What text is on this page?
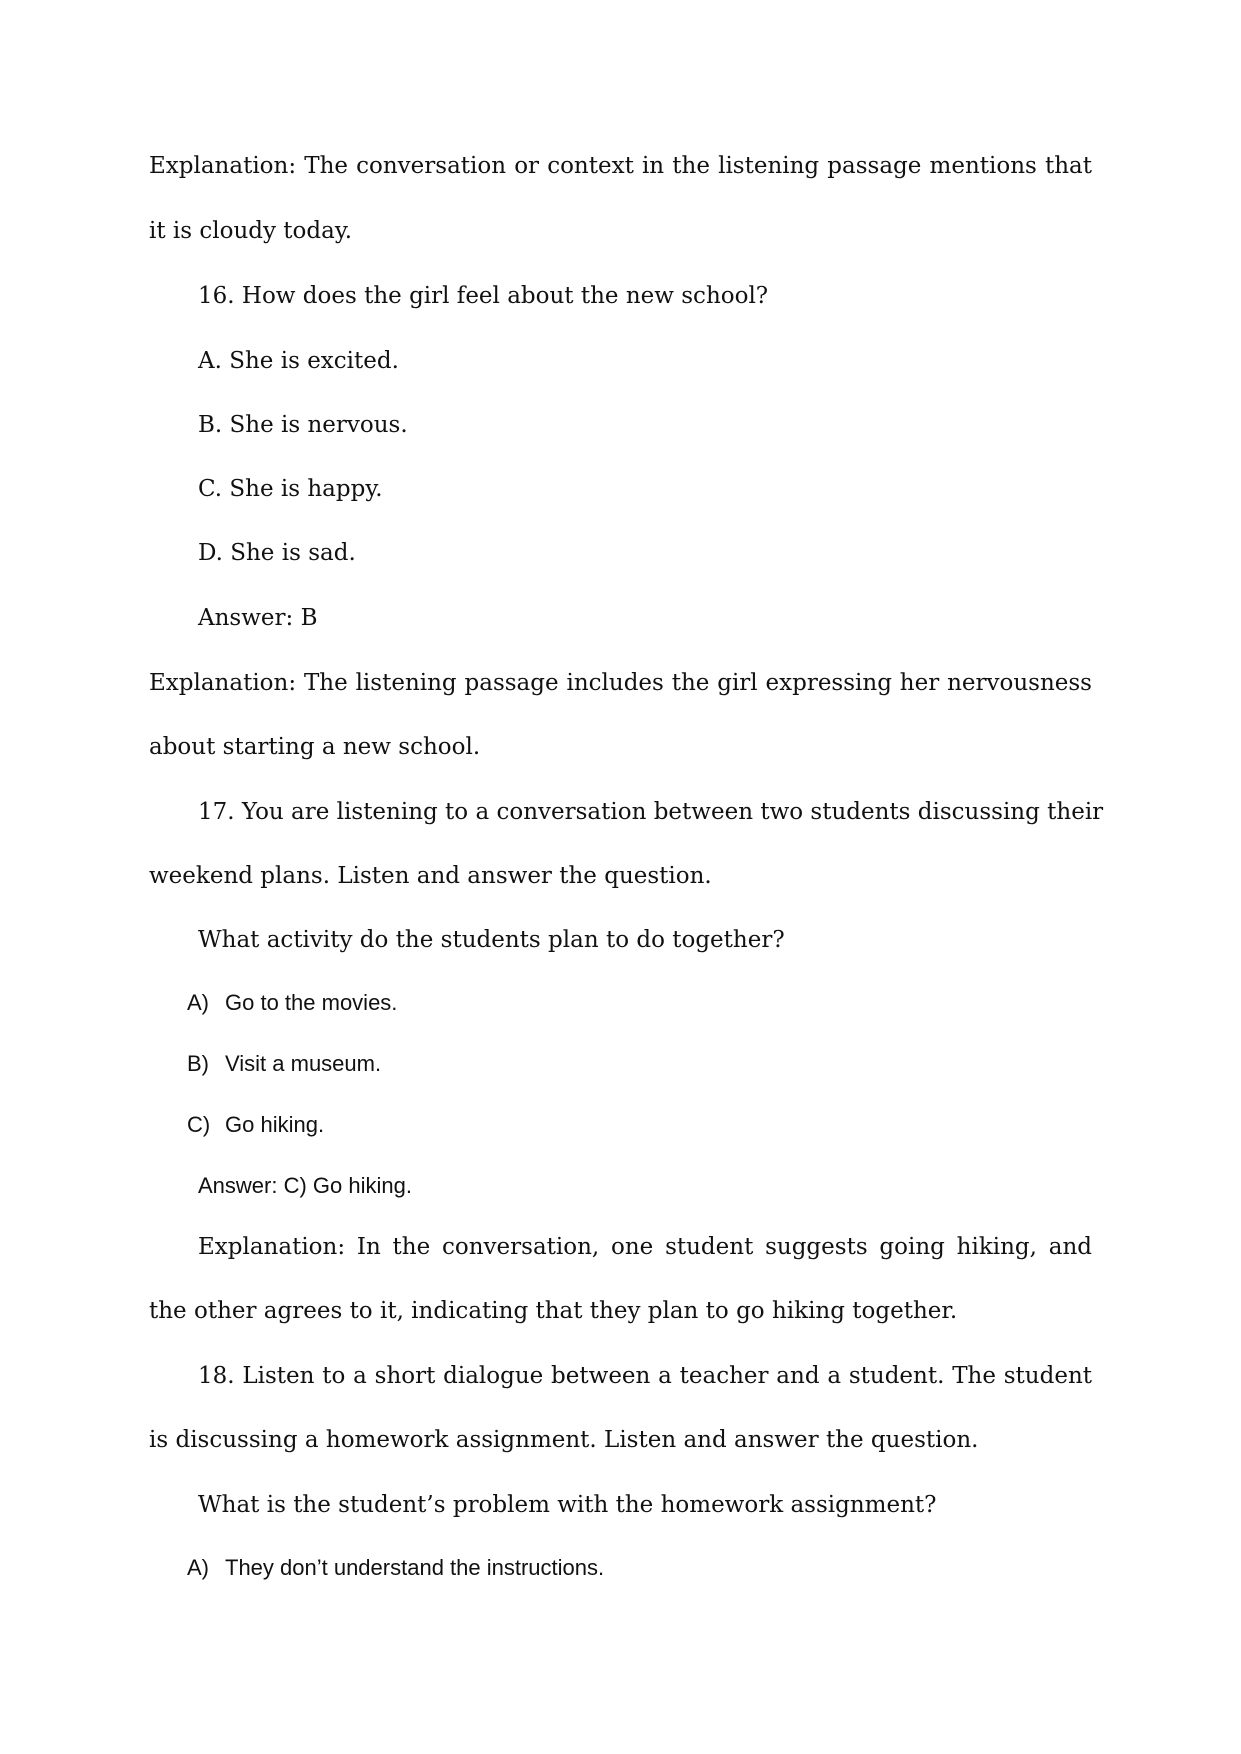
Explanation: The conversation or context in the listening passage mentions that
it is cloudy today.
16. How does the girl feel about the new school?
A. She is excited.
B. She is nervous.
C. She is happy.
D. She is sad.
Answer: B
Explanation: The listening passage includes the girl expressing her nervousness
about starting a new school.
17. You are listening to a conversation between two students discussing their
weekend plans. Listen and answer the question.
What activity do the students plan to do together?
A) Go to the movies.
B) Visit a museum.
C) Go hiking.
Answer: C) Go hiking.
Explanation: In the conversation, one student suggests going hiking, and
the other agrees to it, indicating that they plan to go hiking together.
18. Listen to a short dialogue between a teacher and a student. The student
is discussing a homework assignment. Listen and answer the question.
What is the student’s problem with the homework assignment?
A) They don’t understand the instructions.
